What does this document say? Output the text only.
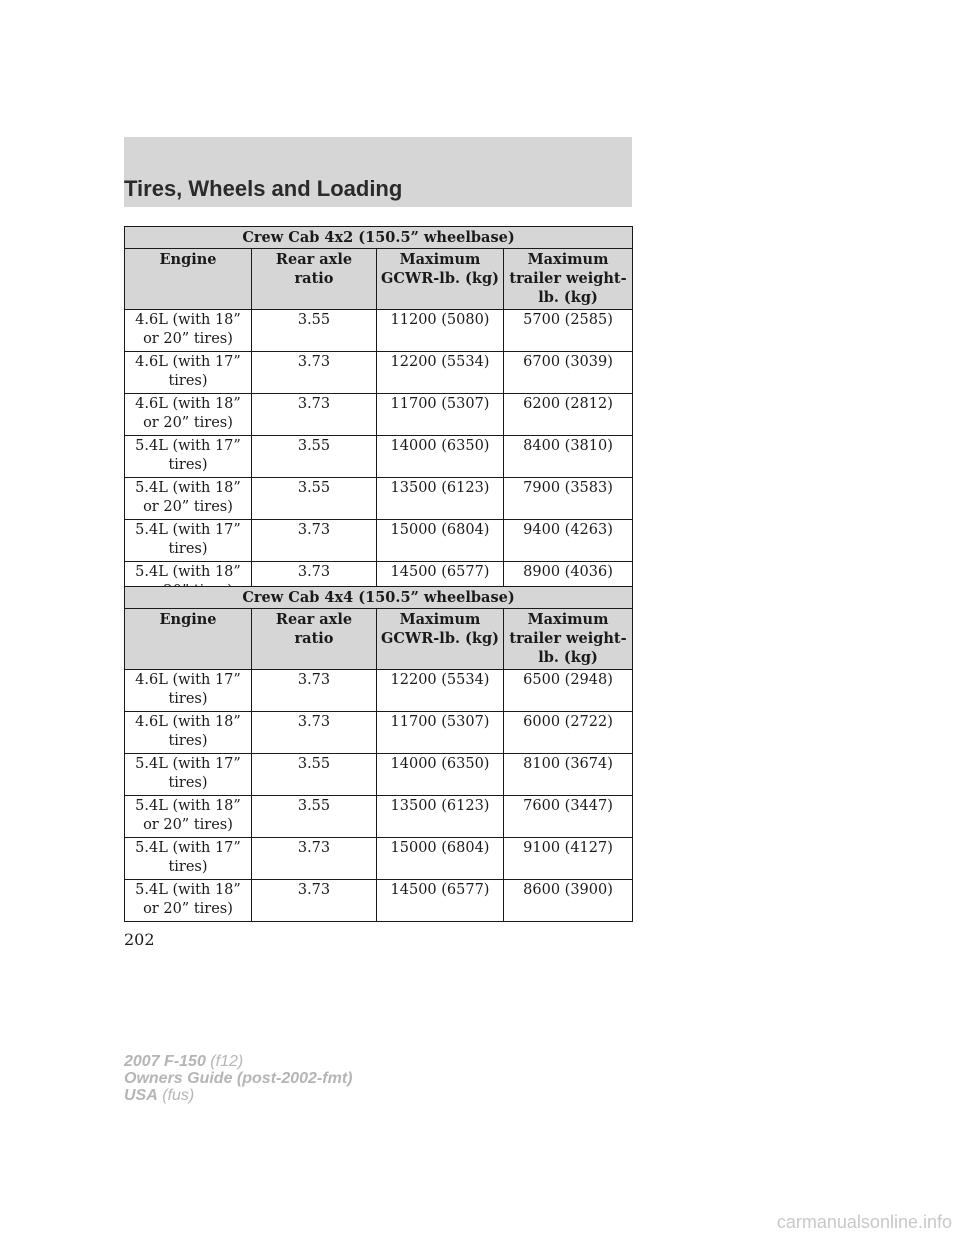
Tires, Wheels and Loading
Crew Cab 4x2 (150.5” wheelbase)			
Engine	Rear axle ratio	Maximum GCWR-lb. (kg)	Maximum trailer weight-lb. (kg)
4.6L (with 18” or 20” tires)	3.55	11200 (5080)	5700 (2585)
4.6L (with 17” tires)	3.73	12200 (5534)	6700 (3039)
4.6L (with 18” or 20” tires)	3.73	11700 (5307)	6200 (2812)
5.4L (with 17” tires)	3.55	14000 (6350)	8400 (3810)
5.4L (with 18” or 20” tires)	3.55	13500 (6123)	7900 (3583)
5.4L (with 17” tires)	3.73	15000 (6804)	9400 (4263)
5.4L (with 18”	3.73	14500 (6577)	8900 (4036)
Crew Cab 4x4 (150.5” wheelbase)			
Engine	Rear axle ratio	Maximum GCWR-lb. (kg)	Maximum trailer weight-lb. (kg)
4.6L (with 17” tires)	3.73	12200 (5534)	6500 (2948)
4.6L (with 18” tires)	3.73	11700 (5307)	6000 (2722)
5.4L (with 17” tires)	3.55	14000 (6350)	8100 (3674)
5.4L (with 18” or 20” tires)	3.55	13500 (6123)	7600 (3447)
5.4L (with 17” tires)	3.73	15000 (6804)	9100 (4127)
5.4L (with 18” or 20” tires)	3.73	14500 (6577)	8600 (3900)
202
2007 F-150 (f12)
Owners Guide (post-2002-fmt)
USA (fus)
carmanualsonline.info
